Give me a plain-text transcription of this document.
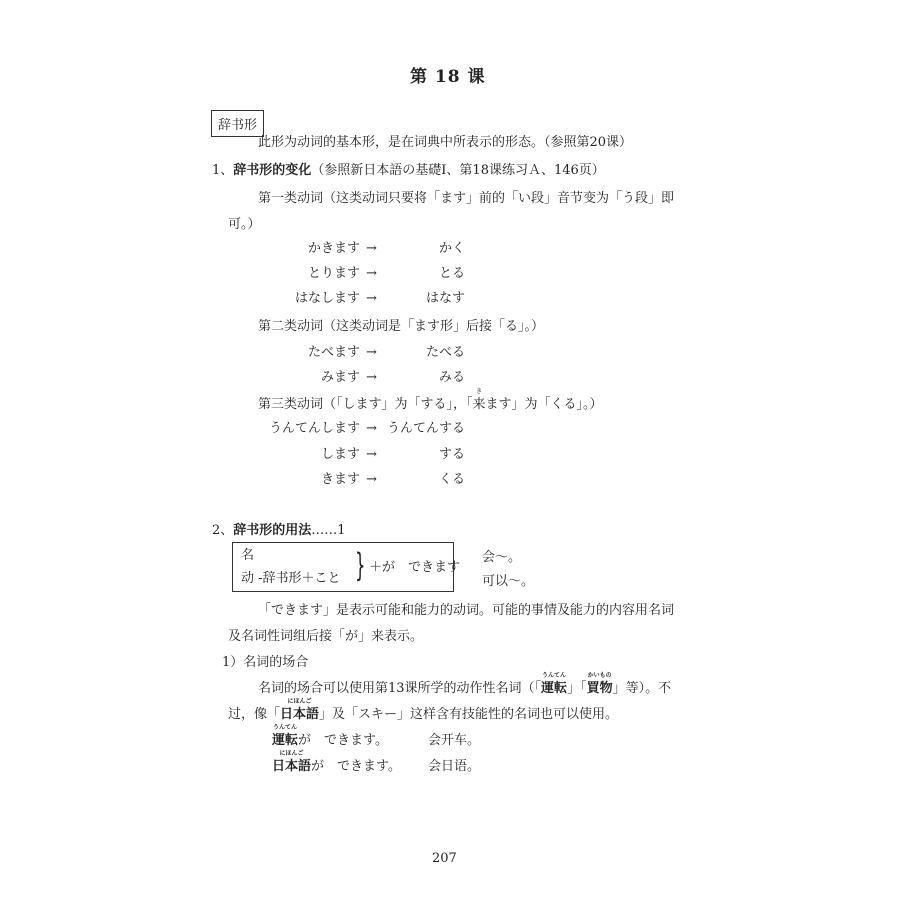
第 18 课
辞书形
此形为动词的基本形，是在词典中所表示的形态。（参照第20课）
1、辞书形的变化（参照新日本語の基礎Ⅰ、第18课练习Ａ、146页）
第一类动词（这类动词只要将「ます」前的「い段」音节变为「う段」即
可。）
かきます →	かく
とります →	とる
はなします →	はなす
第二类动词（这类动词是「ます形」后接「る」。）
たべます →	たべる
みます →	みる
第三类动词（「します」为「する」，「
き
来ます」为「くる」。）
うんてんします → うんてんする
します →	する
きます →	くる
2、辞书形的用法……1
名
动 -辞书形＋こと } ＋が　できます
会～。
可以～。
「できます」是表示可能和能力的动词。可能的事情及能力的内容用名词
及名词性词组后接「が」来表示。
1）名词的场合
名词的场合可以使用第13课所学的动作性名词（「
うんてん
運転」「
かいもの
買物」等）。不
过，像「
にほんご
日本語」及「スキー」这样含有技能性的名词也可以使用。
うんてん
運転が　できます。	会开车。
にほんご
日本語が　できます。 会日语。
207
